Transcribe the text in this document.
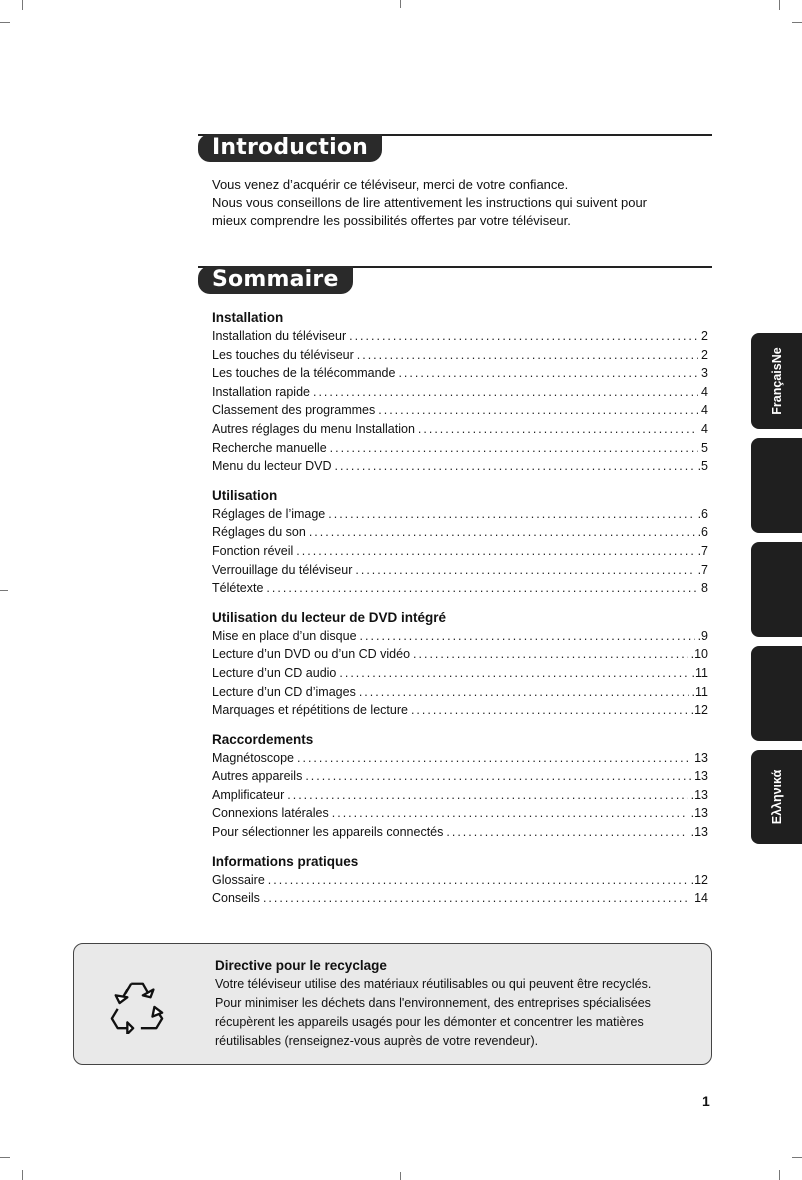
Introduction

Vous venez d’acquérir ce téléviseur, merci de votre confiance.

Nous vous conseillons de lire attentivement les instructions qui suivent pour

mieux comprendre les possibilités offertes par votre téléviseur.

Sommaire
Installation
Installation du téléviseur .....	2
Les touches du téléviseur .....	2
Les touches de la télécommande .....	3
Installation rapide .....	4
Classement des programmes .....	4
Autres réglages du menu Installation .....	4
Recherche manuelle .....	5
Menu du lecteur DVD .....	.5
Utilisation
Réglages de l’image .....	.6
Réglages du son .....	.6
Fonction réveil .....	.7
Verrouillage du téléviseur .....	.7
Télétexte .....	8
Utilisation du lecteur de DVD intégré
Mise en place d’un disque .....	.9
Lecture d’un DVD ou d’un CD vidéo .....	.10
Lecture d’un CD audio .....	.11
Lecture d’un CD d’images .....	.11
Marquages et répétitions de lecture .....	.12
Raccordements
Magnétoscope .....	13
Autres appareils .....	13
Amplificateur .....	.13
Connexions latérales .....	.13
Pour sélectionner les appareils connectés .....	.13
Informations pratiques
Glossaire .....	.12
Conseils .....	14
FrançaisNe
Ελληνικά
Directive pour le recyclage
Votre téléviseur utilise des matériaux réutilisables ou qui peuvent être recyclés.
Pour minimiser les déchets dans l'environnement, des entreprises spécialisées
récupèrent les appareils usagés pour les démonter et concentrer les matières
réutilisables (renseignez-vous auprès de votre revendeur).
1
